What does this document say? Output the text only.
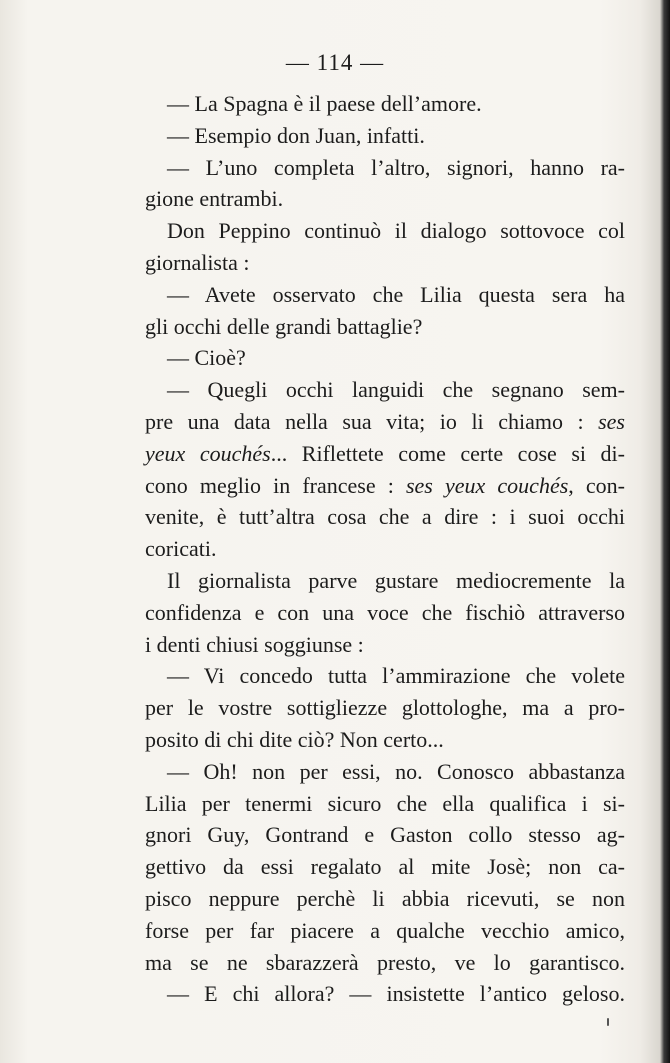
— 114 —
— La Spagna è il paese dell’amore.
— Esempio don Juan, infatti.
— L’uno completa l’altro, signori, hanno ra-
gione entrambi.
Don Peppino continuò il dialogo sottovoce col
giornalista :
— Avete osservato che Lilia questa sera ha
gli occhi delle grandi battaglie?
— Cioè?
— Quegli occhi languidi che segnano sem-
pre una data nella sua vita; io li chiamo : ses
yeux couchés... Riflettete come certe cose si di-
cono meglio in francese : ses yeux couchés, con-
venite, è tutt’altra cosa che a dire : i suoi occhi
coricati.
Il giornalista parve gustare mediocremente la
confidenza e con una voce che fischiò attraverso
i denti chiusi soggiunse :
— Vi concedo tutta l’ammirazione che volete
per le vostre sottigliezze glottologhe, ma a pro-
posito di chi dite ciò? Non certo...
— Oh! non per essi, no. Conosco abbastanza
Lilia per tenermi sicuro che ella qualifica i si-
gnori Guy, Gontrand e Gaston collo stesso ag-
gettivo da essi regalato al mite Josè; non ca-
pisco neppure perchè li abbia ricevuti, se non
forse per far piacere a qualche vecchio amico,
ma se ne sbarazzerà presto, ve lo garantisco.
— E chi allora? — insistette l’antico geloso.
